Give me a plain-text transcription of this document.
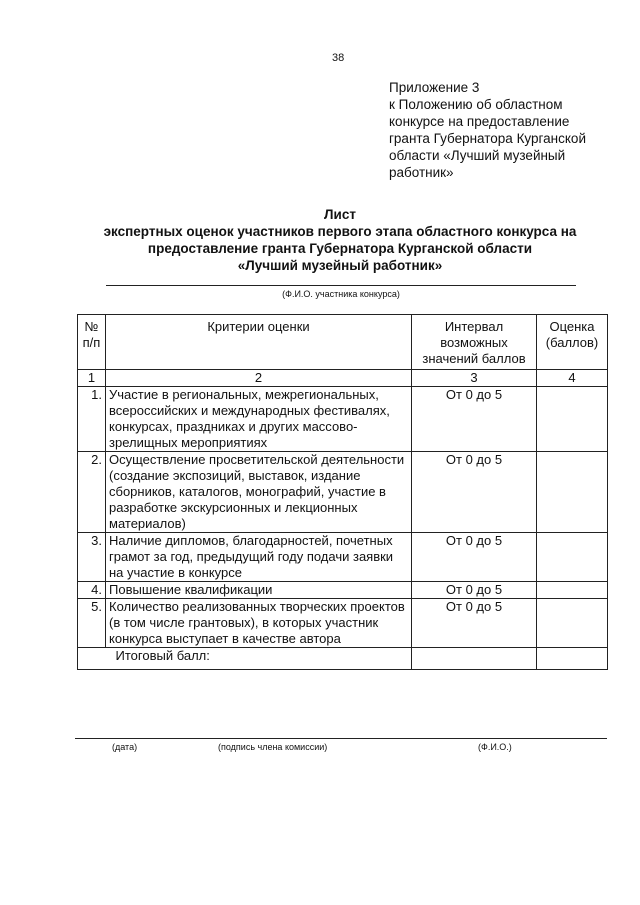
38
Приложение 3
к Положению об областном
конкурсе на предоставление
гранта Губернатора Курганской
области «Лучший музейный
работник»
Лист
экспертных оценок участников первого этапа областного конкурса на
предоставление гранта Губернатора Курганской области
«Лучший музейный работник»
(Ф.И.О. участника конкурса)
№ п/п	Критерии оценки	Интервал возможных значений баллов	Оценка (баллов)
1	2	3	4
1.	Участие в региональных, межрегиональных, всероссийских и международных фестивалях, конкурсах, праздниках и других массово-зрелищных мероприятиях	От 0 до 5	
2.	Осуществление просветительской деятельности (создание экспозиций, выставок, издание сборников, каталогов, монографий, участие в разработке экскурсионных и лекционных материалов)	От 0 до 5	
3.	Наличие дипломов, благодарностей, почетных грамот за год, предыдущий году подачи заявки на участие в конкурсе	От 0 до 5	
4.	Повышение квалификации	От 0 до 5	
5.	Количество реализованных творческих проектов (в том числе грантовых), в которых участник конкурса выступает в качестве автора	От 0 до 5	
	Итоговый балл:		
(дата)	(подпись члена комиссии)	(Ф.И.О.)
